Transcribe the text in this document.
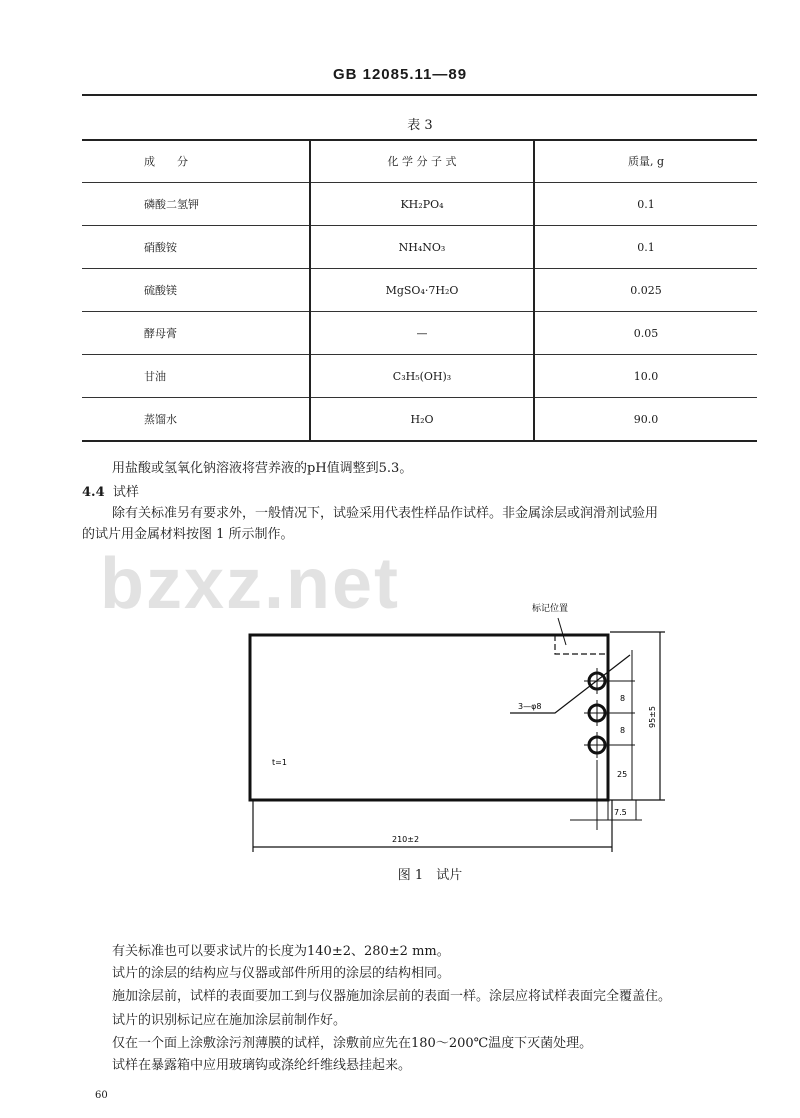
GB 12085.11—89
表 3
成　　分	化 学 分 子 式	质量, g
磷酸二氢钾	KH₂PO₄	0.1
硝酸铵	NH₄NO₃	0.1
硫酸镁	MgSO₄·7H₂O	0.025
酵母膏	—	0.05
甘油	C₃H₅(OH)₃	10.0
蒸馏水	H₂O	90.0
用盐酸或氢氧化钠溶液将营养液的pH值调整到5.3。
4.4 试样
除有关标准另有要求外，一般情况下，试验采用代表性样品作试样。非金属涂层或润滑剂试验用
的试片用金属材料按图 1 所示制作。
bzxz.net	标记位置
3—φ8
t=1
8
8
25
95±5
7.5
210±2
图 1　试片
有关标准也可以要求试片的长度为140±2、280±2 mm。
试片的涂层的结构应与仪器或部件所用的涂层的结构相同。
施加涂层前，试样的表面要加工到与仪器施加涂层前的表面一样。涂层应将试样表面完全覆盖住。
试片的识别标记应在施加涂层前制作好。
仅在一个面上涂敷涂污剂薄膜的试样，涂敷前应先在180～200℃温度下灭菌处理。
试样在暴露箱中应用玻璃钩或涤纶纤维线悬挂起来。
60
